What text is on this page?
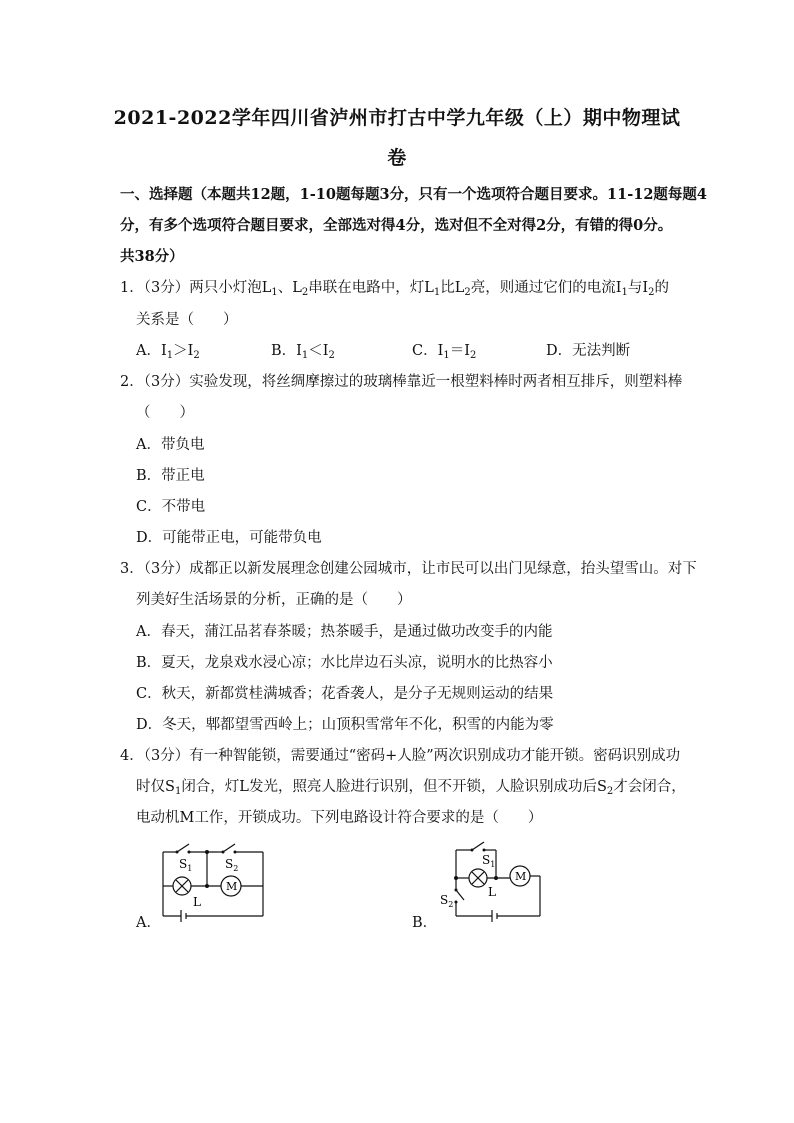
2021-2022学年四川省泸州市打古中学九年级（上）期中物理试
卷
一、选择题（本题共12题，1-10题每题3分，只有一个选项符合题目要求。11-12题每题4
分，有多个选项符合题目要求，全部选对得4分，选对但不全对得2分，有错的得0分。
共38分）
1．（3分）两只小灯泡$L_1$、$L_2$串联在电路中，灯$L_1$比$L_2$亮，则通过它们的电流$I_1$与$I_2$的
关系是（　　）
A．$I_1>I_2$	B．$I_1<I_2$	C．$I_1=I_2$	D．无法判断
2．（3分）实验发现，将丝绸摩擦过的玻璃棒靠近一根塑料棒时两者相互排斥，则塑料棒
（　　）
A．带负电
B．带正电
C．不带电
D．可能带正电，可能带负电
3．（3分）成都正以新发展理念创建公园城市，让市民可以出门见绿意，抬头望雪山。对下
列美好生活场景的分析，正确的是（　　）
A．春天，蒲江品茗春茶暖；热茶暖手，是通过做功改变手的内能
B．夏天，龙泉戏水浸心凉；水比岸边石头凉，说明水的比热容小
C．秋天，新都赏桂满城香；花香袭人，是分子无规则运动的结果
D．冬天，郫都望雪西岭上；山顶积雪常年不化，积雪的内能为零
4．（3分）有一种智能锁，需要通过“密码+人脸”两次识别成功才能开锁。密码识别成功
时仅$S_1$闭合，灯L发光，照亮人脸进行识别，但不开锁，人脸识别成功后$S_2$才会闭合，
电动机M工作，开锁成功。下列电路设计符合要求的是（　　）
A．	B．
$S_1$	$S_2$
L
M
$S_1$
$S_2$
L
M
